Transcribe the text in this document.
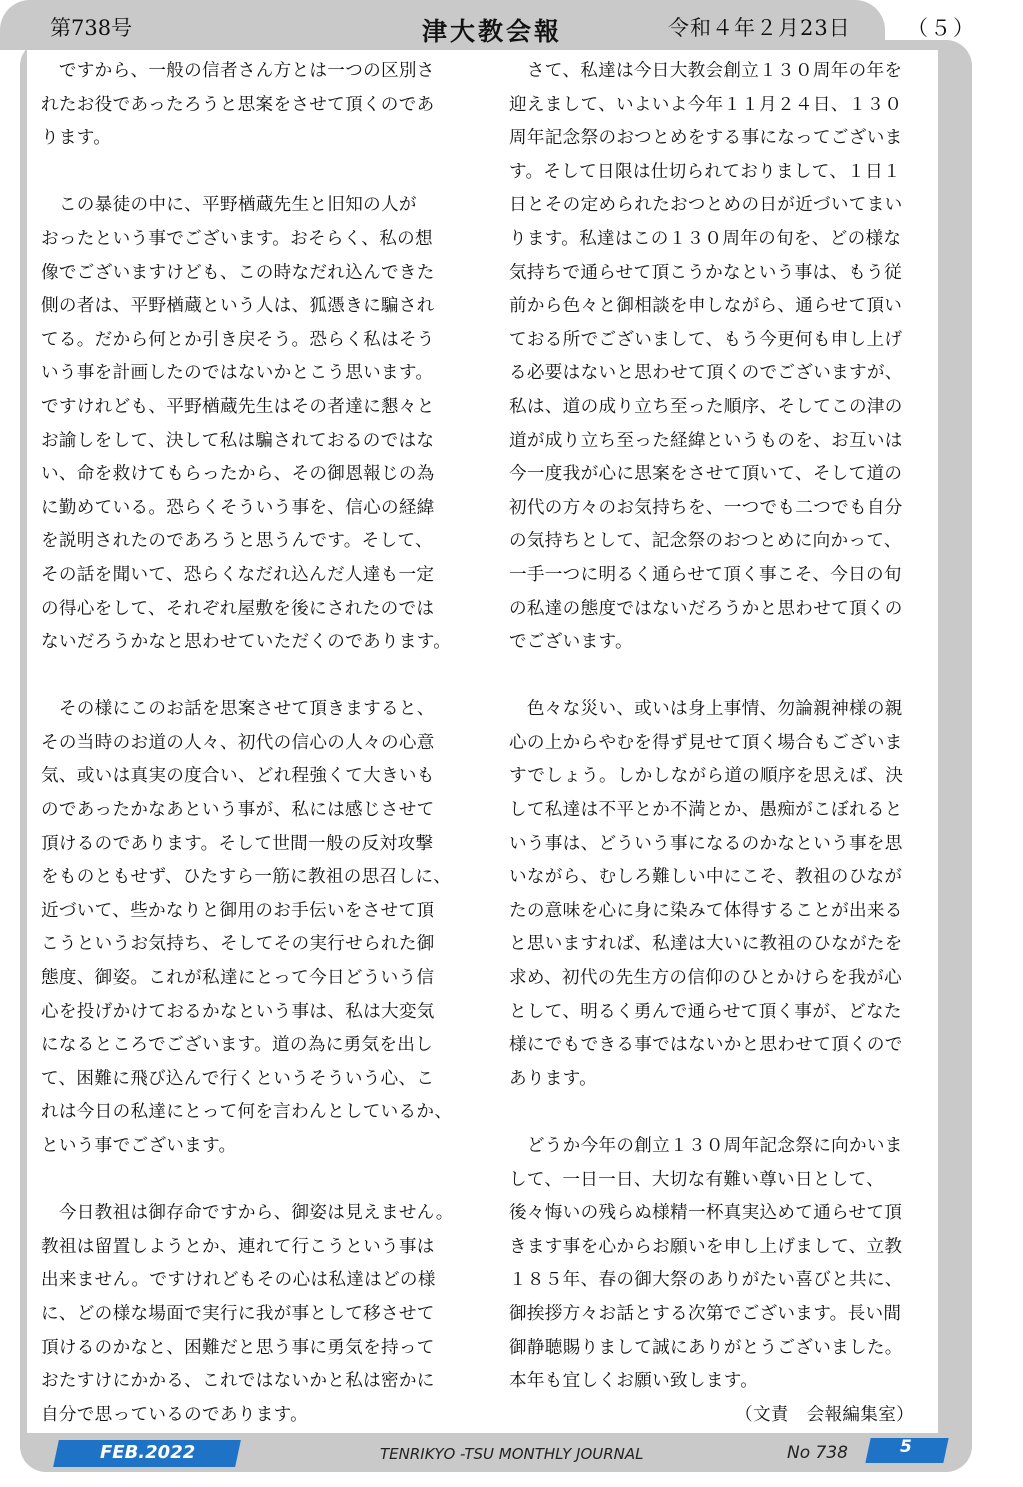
第738号	津大教会報	令和４年２月23日	（５）
　ですから、一般の信者さん方とは一つの区別さ
れたお役であったろうと思案をさせて頂くのであ
ります。
　この暴徒の中に、平野楢蔵先生と旧知の人が
おったという事でございます。おそらく、私の想
像でございますけども、この時なだれ込んできた
側の者は、平野楢蔵という人は、狐憑きに騙され
てる。だから何とか引き戻そう。恐らく私はそう
いう事を計画したのではないかとこう思います。
ですけれども、平野楢蔵先生はその者達に懇々と
お諭しをして、決して私は騙されておるのではな
い、命を救けてもらったから、その御恩報じの為
に勤めている。恐らくそういう事を、信心の経緯
を説明されたのであろうと思うんです。そして、
その話を聞いて、恐らくなだれ込んだ人達も一定
の得心をして、それぞれ屋敷を後にされたのでは
ないだろうかなと思わせていただくのであります。
　その様にこのお話を思案させて頂きますると、
その当時のお道の人々、初代の信心の人々の心意
気、或いは真実の度合い、どれ程強くて大きいも
のであったかなあという事が、私には感じさせて
頂けるのであります。そして世間一般の反対攻撃
をものともせず、ひたすら一筋に教祖の思召しに、
近づいて、些かなりと御用のお手伝いをさせて頂
こうというお気持ち、そしてその実行せられた御
態度、御姿。これが私達にとって今日どういう信
心を投げかけておるかなという事は、私は大変気
になるところでございます。道の為に勇気を出し
て、困難に飛び込んで行くというそういう心、こ
れは今日の私達にとって何を言わんとしているか、
という事でございます。
　今日教祖は御存命ですから、御姿は見えません。
教祖は留置しようとか、連れて行こうという事は
出来ません。ですけれどもその心は私達はどの様
に、どの様な場面で実行に我が事として移させて
頂けるのかなと、困難だと思う事に勇気を持って
おたすけにかかる、これではないかと私は密かに
自分で思っているのであります。
　さて、私達は今日大教会創立１３０周年の年を
迎えまして、いよいよ今年１１月２４日、１３０
周年記念祭のおつとめをする事になってございま
す。そして日限は仕切られておりまして、１日１
日とその定められたおつとめの日が近づいてまい
ります。私達はこの１３０周年の旬を、どの様な
気持ちで通らせて頂こうかなという事は、もう従
前から色々と御相談を申しながら、通らせて頂い
ておる所でございまして、もう今更何も申し上げ
る必要はないと思わせて頂くのでございますが、
私は、道の成り立ち至った順序、そしてこの津の
道が成り立ち至った経緯というものを、お互いは
今一度我が心に思案をさせて頂いて、そして道の
初代の方々のお気持ちを、一つでも二つでも自分
の気持ちとして、記念祭のおつとめに向かって、
一手一つに明るく通らせて頂く事こそ、今日の旬
の私達の態度ではないだろうかと思わせて頂くの
でございます。
　色々な災い、或いは身上事情、勿論親神様の親
心の上からやむを得ず見せて頂く場合もございま
すでしょう。しかしながら道の順序を思えば、決
して私達は不平とか不満とか、愚痴がこぼれると
いう事は、どういう事になるのかなという事を思
いながら、むしろ難しい中にこそ、教祖のひなが
たの意味を心に身に染みて体得することが出来る
と思いますれば、私達は大いに教祖のひながたを
求め、初代の先生方の信仰のひとかけらを我が心
として、明るく勇んで通らせて頂く事が、どなた
様にでもできる事ではないかと思わせて頂くので
あります。
　どうか今年の創立１３０周年記念祭に向かいま
して、一日一日、大切な有難い尊い日として、
後々悔いの残らぬ様精一杯真実込めて通らせて頂
きます事を心からお願いを申し上げまして、立教
１８５年、春の御大祭のありがたい喜びと共に、
御挨拶方々お話とする次第でございます。長い間
御静聴賜りまして誠にありがとうございました。
本年も宜しくお願い致します。
（文責　会報編集室）
FEB.2022	TENRIKYO -TSU MONTHLY JOURNAL	No 738	5
